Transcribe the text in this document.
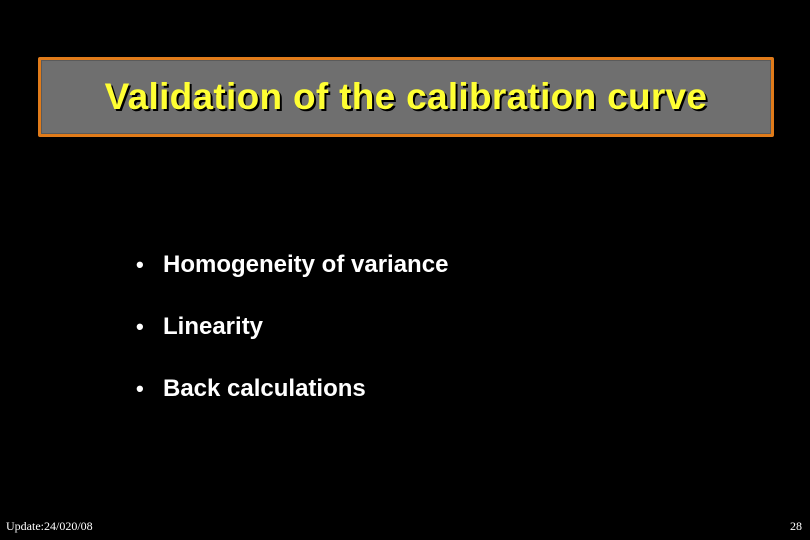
Validation of the calibration curve
• Homogeneity of variance
• Linearity
• Back calculations
Update:24/020/08	28
